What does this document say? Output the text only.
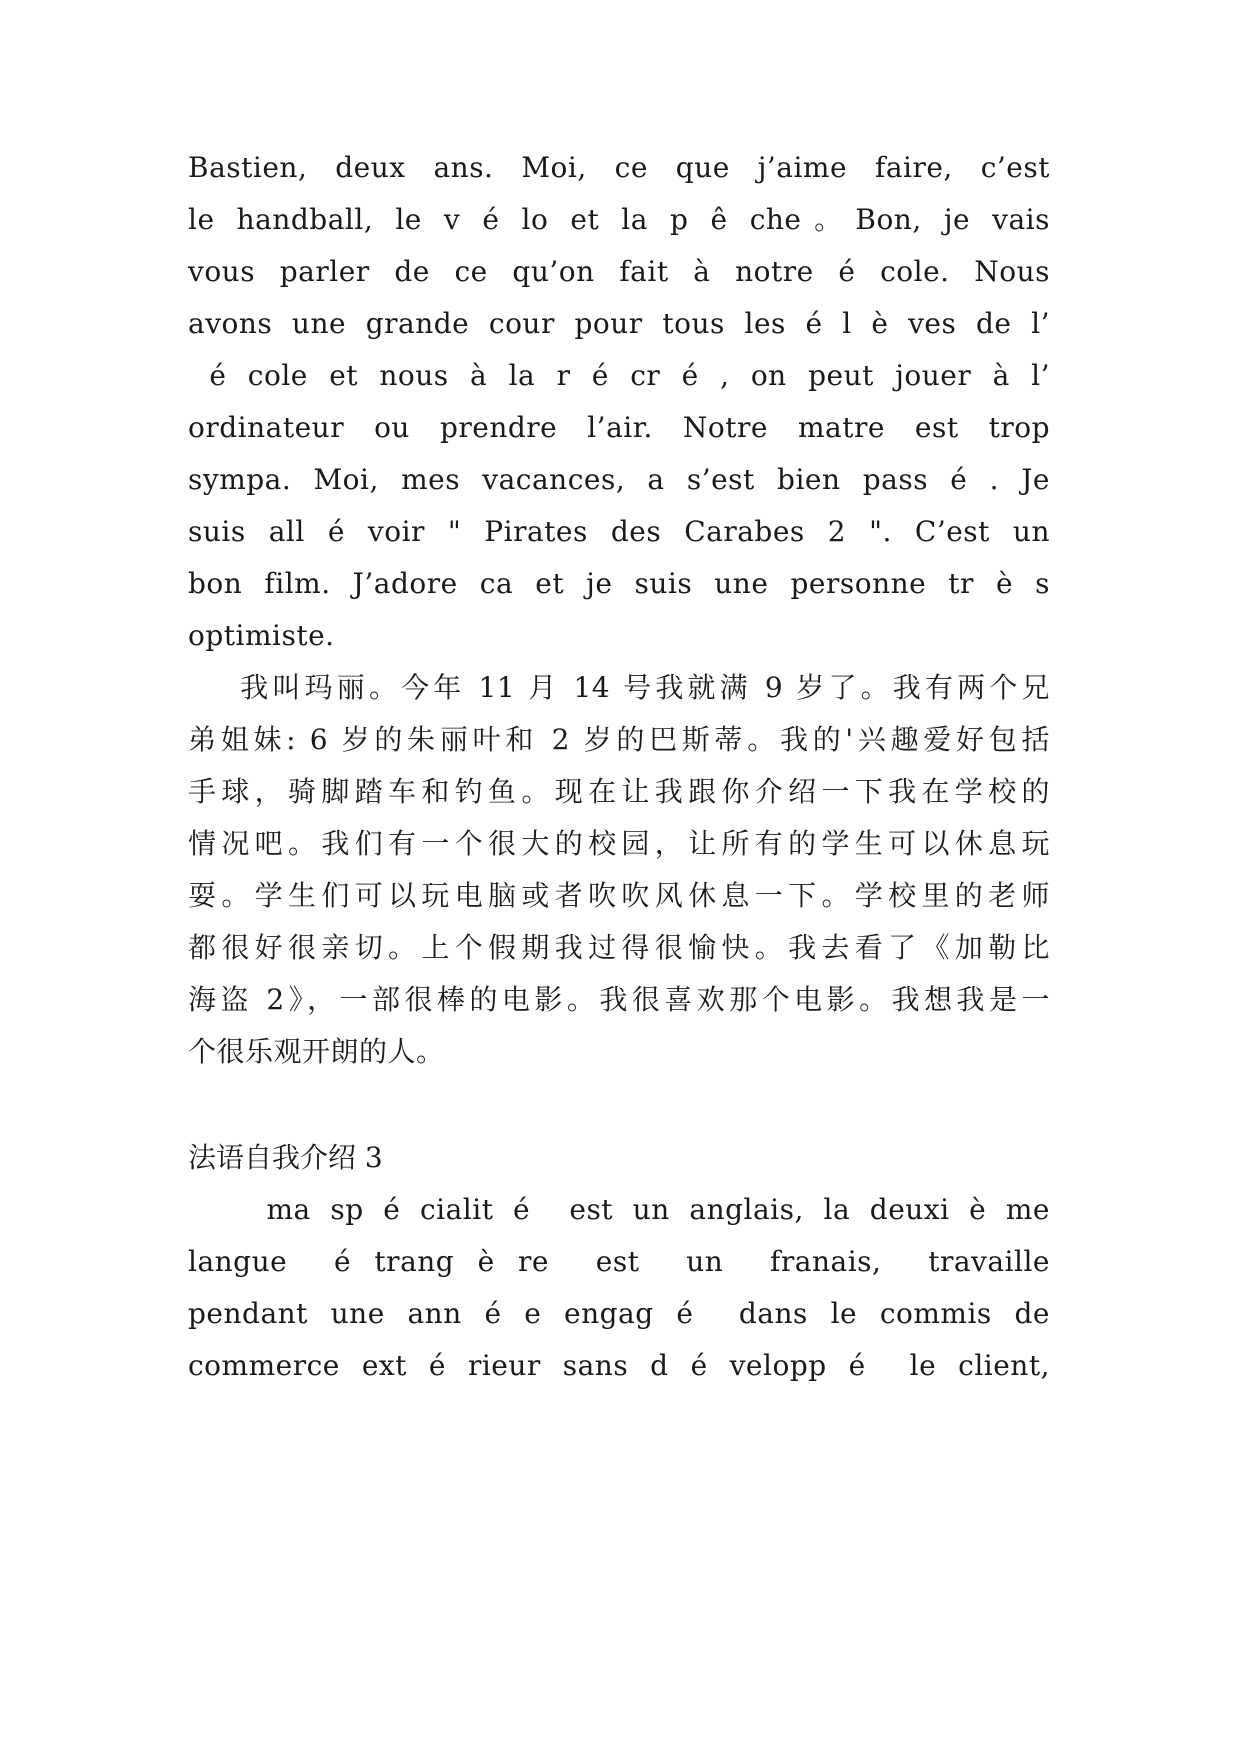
Bastien, deux ans. Moi, ce que j’aime faire, c’est
le handball, le v é lo et la p ê che。Bon, je vais
vous parler de ce qu’on fait à notre é cole. Nous
avons une grande cour pour tous les é l è ves de l’
é cole et nous à la r é cr é , on peut jouer à l’
ordinateur ou prendre l’air. Notre matre est trop
sympa. Moi, mes vacances, a s’est bien pass é . Je
suis all é voir " Pirates des Carabes 2 ". C’est un
bon film. J’adore ca et je suis une personne tr è s
optimiste.
我叫玛丽。今年 11 月 14 号我就满 9 岁了。我有两个兄
弟姐妹: 6 岁的朱丽叶和 2 岁的巴斯蒂。我的'兴趣爱好包括
手球，骑脚踏车和钓鱼。现在让我跟你介绍一下我在学校的
情况吧。我们有一个很大的校园，让所有的学生可以休息玩
耍。学生们可以玩电脑或者吹吹风休息一下。学校里的老师
都很好很亲切。上个假期我过得很愉快。我去看了《加勒比
海盗 2》，一部很棒的电影。我很喜欢那个电影。我想我是一
个很乐观开朗的人。
法语自我介绍 3
ma sp é cialit é  est un anglais, la deuxi è me
langue  é trang è re  est  un  franais,  travaille
pendant une ann é e engag é  dans le commis de
commerce ext é rieur sans d é velopp é  le client,
